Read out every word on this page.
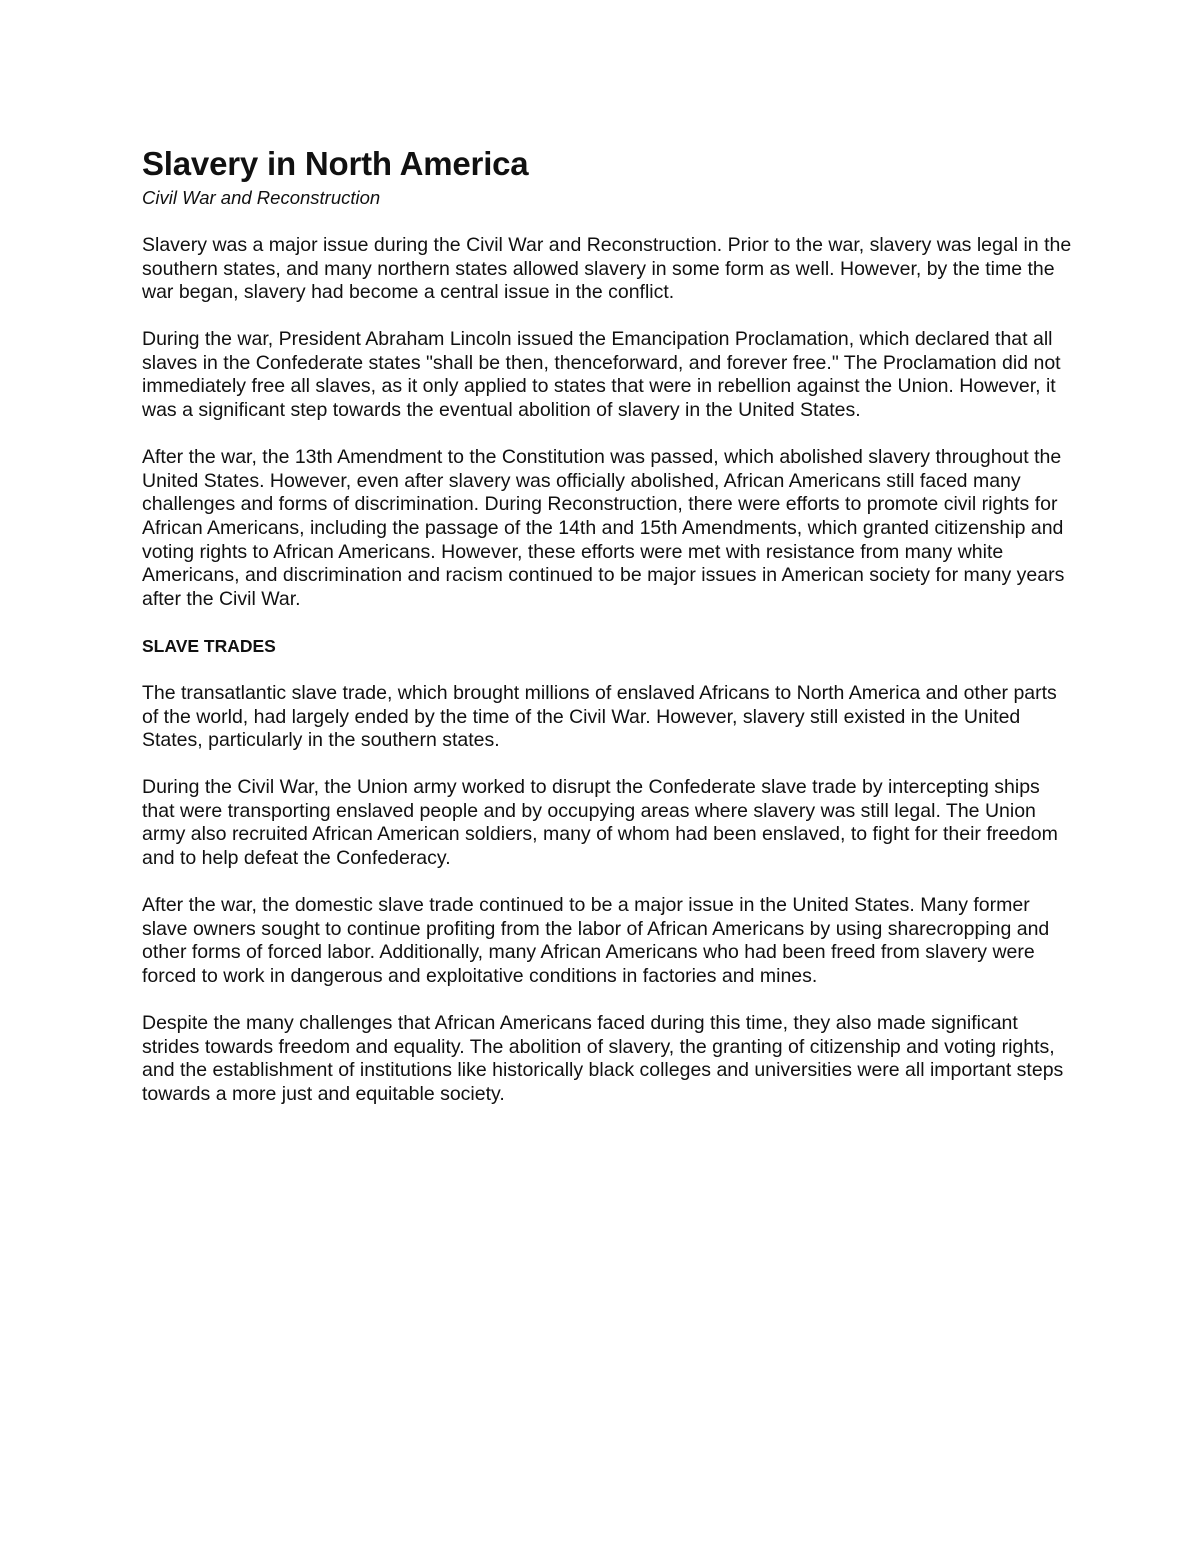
Slavery in North America
Civil War and Reconstruction

Slavery was a major issue during the Civil War and Reconstruction. Prior to the war, slavery was legal in the southern states, and many northern states allowed slavery in some form as well. However, by the time the war began, slavery had become a central issue in the conflict.

During the war, President Abraham Lincoln issued the Emancipation Proclamation, which declared that all slaves in the Confederate states "shall be then, thenceforward, and forever free." The Proclamation did not immediately free all slaves, as it only applied to states that were in rebellion against the Union. However, it was a significant step towards the eventual abolition of slavery in the United States.

After the war, the 13th Amendment to the Constitution was passed, which abolished slavery throughout the United States. However, even after slavery was officially abolished, African Americans still faced many challenges and forms of discrimination. During Reconstruction, there were efforts to promote civil rights for African Americans, including the passage of the 14th and 15th Amendments, which granted citizenship and voting rights to African Americans. However, these efforts were met with resistance from many white Americans, and discrimination and racism continued to be major issues in American society for many years after the Civil War.

SLAVE TRADES

The transatlantic slave trade, which brought millions of enslaved Africans to North America and other parts of the world, had largely ended by the time of the Civil War. However, slavery still existed in the United States, particularly in the southern states.

During the Civil War, the Union army worked to disrupt the Confederate slave trade by intercepting ships that were transporting enslaved people and by occupying areas where slavery was still legal. The Union army also recruited African American soldiers, many of whom had been enslaved, to fight for their freedom and to help defeat the Confederacy.

After the war, the domestic slave trade continued to be a major issue in the United States. Many former slave owners sought to continue profiting from the labor of African Americans by using sharecropping and other forms of forced labor. Additionally, many African Americans who had been freed from slavery were forced to work in dangerous and exploitative conditions in factories and mines.

Despite the many challenges that African Americans faced during this time, they also made significant strides towards freedom and equality. The abolition of slavery, the granting of citizenship and voting rights, and the establishment of institutions like historically black colleges and universities were all important steps towards a more just and equitable society.
